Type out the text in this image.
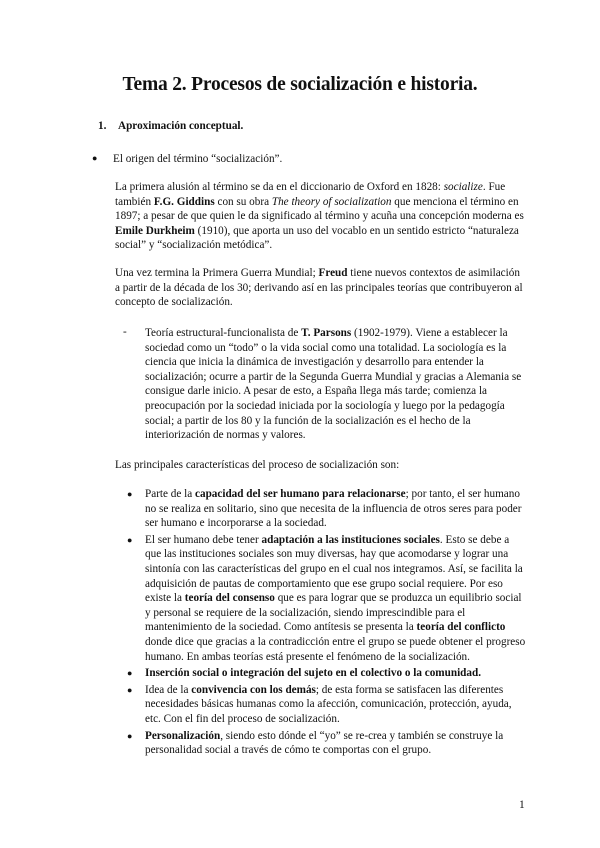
Tema 2. Procesos de socialización e historia.
1. Aproximación conceptual.
● El origen del término “socialización”.

La primera alusión al término se da en el diccionario de Oxford en 1828: socialize. Fue también F.G. Giddins con su obra The theory of socialization que menciona el término en 1897; a pesar de que quien le da significado al término y acuña una concepción moderna es Emile Durkheim (1910), que aporta un uso del vocablo en un sentido estricto “naturaleza social” y “socialización metódica”.

Una vez termina la Primera Guerra Mundial; Freud tiene nuevos contextos de asimilación a partir de la década de los 30; derivando así en las principales teorías que contribuyeron al concepto de socialización.

- Teoría estructural-funcionalista de T. Parsons (1902-1979). Viene a establecer la sociedad como un “todo” o la vida social como una totalidad. La sociología es la ciencia que inicia la dinámica de investigación y desarrollo para entender la socialización; ocurre a partir de la Segunda Guerra Mundial y gracias a Alemania se consigue darle inicio. A pesar de esto, a España llega más tarde; comienza la preocupación por la sociedad iniciada por la sociología y luego por la pedagogía social; a partir de los 80 y la función de la socialización es el hecho de la interiorización de normas y valores.

Las principales características del proceso de socialización son:

● Parte de la capacidad del ser humano para relacionarse; por tanto, el ser humano no se realiza en solitario, sino que necesita de la influencia de otros seres para poder ser humano e incorporarse a la sociedad.
● El ser humano debe tener adaptación a las instituciones sociales. Esto se debe a que las instituciones sociales son muy diversas, hay que acomodarse y lograr una sintonía con las características del grupo en el cual nos integramos. Así, se facilita la adquisición de pautas de comportamiento que ese grupo social requiere. Por eso existe la teoría del consenso que es para lograr que se produzca un equilibrio social y personal se requiere de la socialización, siendo imprescindible para el mantenimiento de la sociedad. Como antítesis se presenta la teoría del conflicto donde dice que gracias a la contradicción entre el grupo se puede obtener el progreso humano. En ambas teorías está presente el fenómeno de la socialización.
● Inserción social o integración del sujeto en el colectivo o la comunidad.
● Idea de la convivencia con los demás; de esta forma se satisfacen las diferentes necesidades básicas humanas como la afección, comunicación, protección, ayuda, etc. Con el fin del proceso de socialización.
● Personalización, siendo esto dónde el “yo” se re-crea y también se construye la personalidad social a través de cómo te comportas con el grupo.
1
